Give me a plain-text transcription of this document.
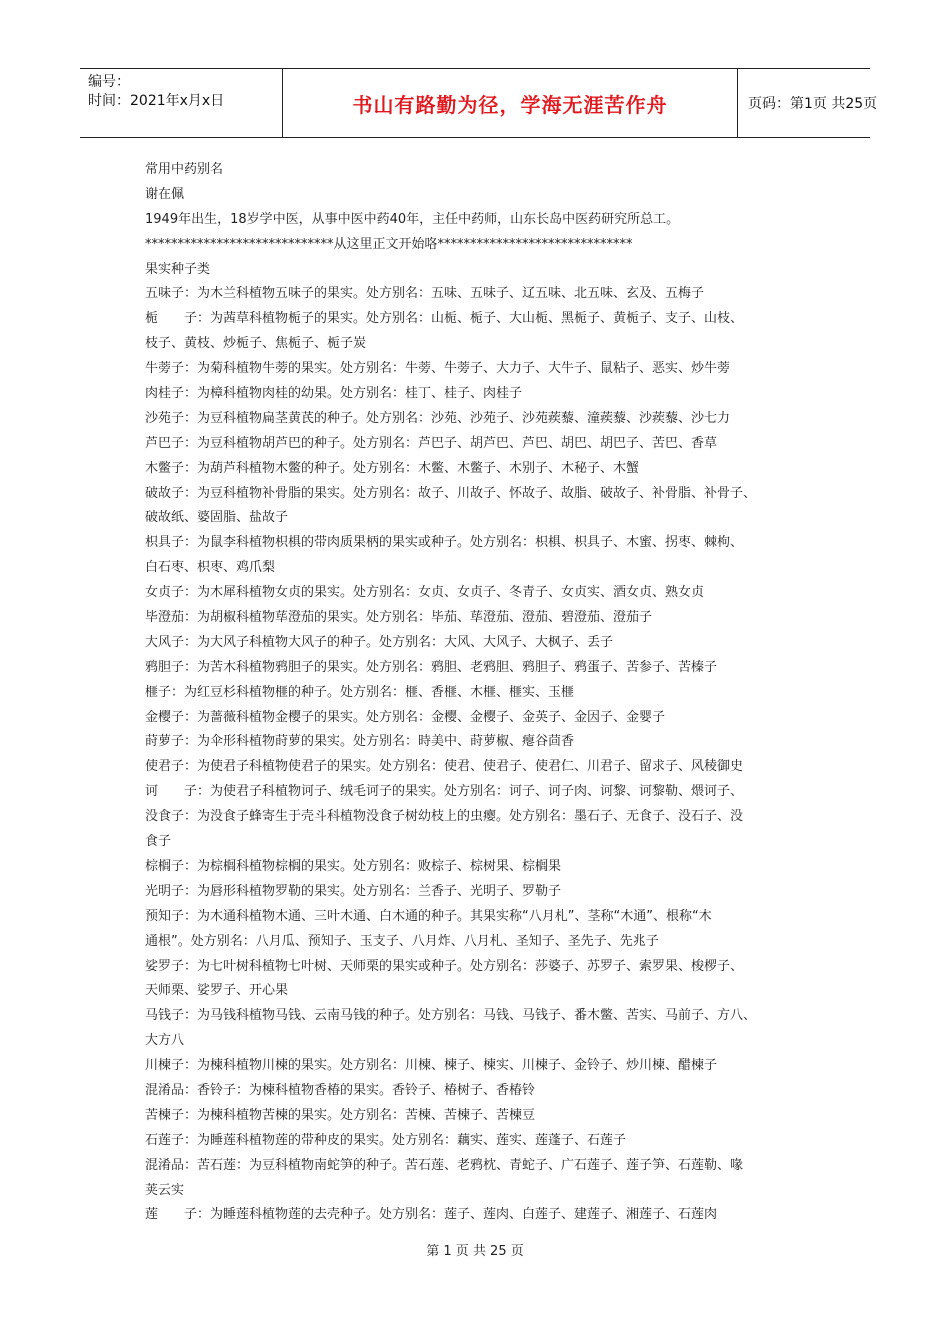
编号：
时间：2021年x月x日	书山有路勤为径，学海无涯苦作舟	页码：第1页 共25页
常用中药别名
谢在佩
1949年出生，18岁学中医，从事中医中药40年，主任中药师，山东长岛中医药研究所总工。
*****************************从这里正文开始咯******************************
果实种子类
五味子：为木兰科植物五味子的果实。处方别名：五味、五味子、辽五味、北五味、玄及、五梅子
栀　　子：为茜草科植物栀子的果实。处方别名：山栀、栀子、大山栀、黑栀子、黄栀子、支子、山枝、
枝子、黄枝、炒栀子、焦栀子、栀子炭
牛蒡子：为菊科植物牛蒡的果实。处方别名：牛蒡、牛蒡子、大力子、大牛子、鼠粘子、恶实、炒牛蒡
肉桂子：为樟科植物肉桂的幼果。处方别名：桂丁、桂子、肉桂子
沙苑子：为豆科植物扁茎黄芪的种子。处方别名：沙苑、沙苑子、沙苑蒺藜、潼蒺藜、沙蒺藜、沙七力
芦巴子：为豆科植物胡芦巴的种子。处方别名：芦巴子、胡芦巴、芦巴、胡巴、胡巴子、苦巴、香草
木鳖子：为葫芦科植物木鳖的种子。处方别名：木鳖、木鳖子、木别子、木秘子、木蟹
破故子：为豆科植物补骨脂的果实。处方别名：故子、川故子、怀故子、故脂、破故子、补骨脂、补骨子、
破故纸、婆固脂、盐故子
枳具子：为鼠李科植物枳椇的带肉质果柄的果实或种子。处方别名：枳椇、枳具子、木蜜、拐枣、棘枸、
白石枣、枳枣、鸡爪梨
女贞子：为木犀科植物女贞的果实。处方别名：女贞、女贞子、冬青子、女贞实、酒女贞、熟女贞
毕澄茄：为胡椒科植物荜澄茄的果实。处方别名：毕茄、荜澄茄、澄茄、碧澄茄、澄茄子
大风子：为大风子科植物大风子的种子。处方别名：大风、大风子、大枫子、丢子
鸦胆子：为苦木科植物鸦胆子的果实。处方别名：鸦胆、老鸦胆、鸦胆子、鸦蛋子、苦参子、苦榛子
榧子：为红豆杉科植物榧的种子。处方别名：榧、香榧、木榧、榧实、玉榧
金樱子：为蔷薇科植物金樱子的果实。处方别名：金樱、金樱子、金英子、金因子、金婴子
莳萝子：为伞形科植物莳萝的果实。处方别名：時美中、莳萝椒、瘪谷茴香
使君子：为使君子科植物使君子的果实。处方别名：使君、使君子、使君仁、川君子、留求子、风稜御史
诃　　子：为使君子科植物诃子、绒毛诃子的果实。处方别名：诃子、诃子肉、诃黎、诃黎勒、煨诃子、
没食子：为没食子蜂寄生于壳斗科植物没食子树幼枝上的虫瘿。处方别名：墨石子、无食子、没石子、没
食子
棕榈子：为棕榈科植物棕榈的果实。处方别名：败棕子、棕树果、棕榈果
光明子：为唇形科植物罗勒的果实。处方别名：兰香子、光明子、罗勒子
预知子：为木通科植物木通、三叶木通、白木通的种子。其果实称“八月札”、茎称“木通”、根称“木
通根”。处方别名：八月瓜、预知子、玉支子、八月炸、八月札、圣知子、圣先子、先兆子
娑罗子：为七叶树科植物七叶树、天师栗的果实或种子。处方别名：莎婆子、苏罗子、索罗果、梭椤子、
天师栗、娑罗子、开心果
马钱子：为马钱科植物马钱、云南马钱的种子。处方别名：马钱、马钱子、番木鳖、苦实、马前子、方八、
大方八
川楝子：为楝科植物川楝的果实。处方别名：川楝、楝子、楝实、川楝子、金铃子、炒川楝、醋楝子
混淆品：香铃子：为楝科植物香椿的果实。香铃子、椿树子、香椿铃
苦楝子：为楝科植物苦楝的果实。处方别名：苦楝、苦楝子、苦楝豆
石莲子：为睡莲科植物莲的带种皮的果实。处方别名：藕实、莲实、莲蓬子、石莲子
混淆品：苦石莲：为豆科植物南蛇笋的种子。苦石莲、老鸦枕、青蛇子、广石莲子、莲子笋、石莲勒、喙
荚云实
莲　　子：为睡莲科植物莲的去壳种子。处方别名：莲子、莲肉、白莲子、建莲子、湘莲子、石莲肉
第 1 页 共 25 页
